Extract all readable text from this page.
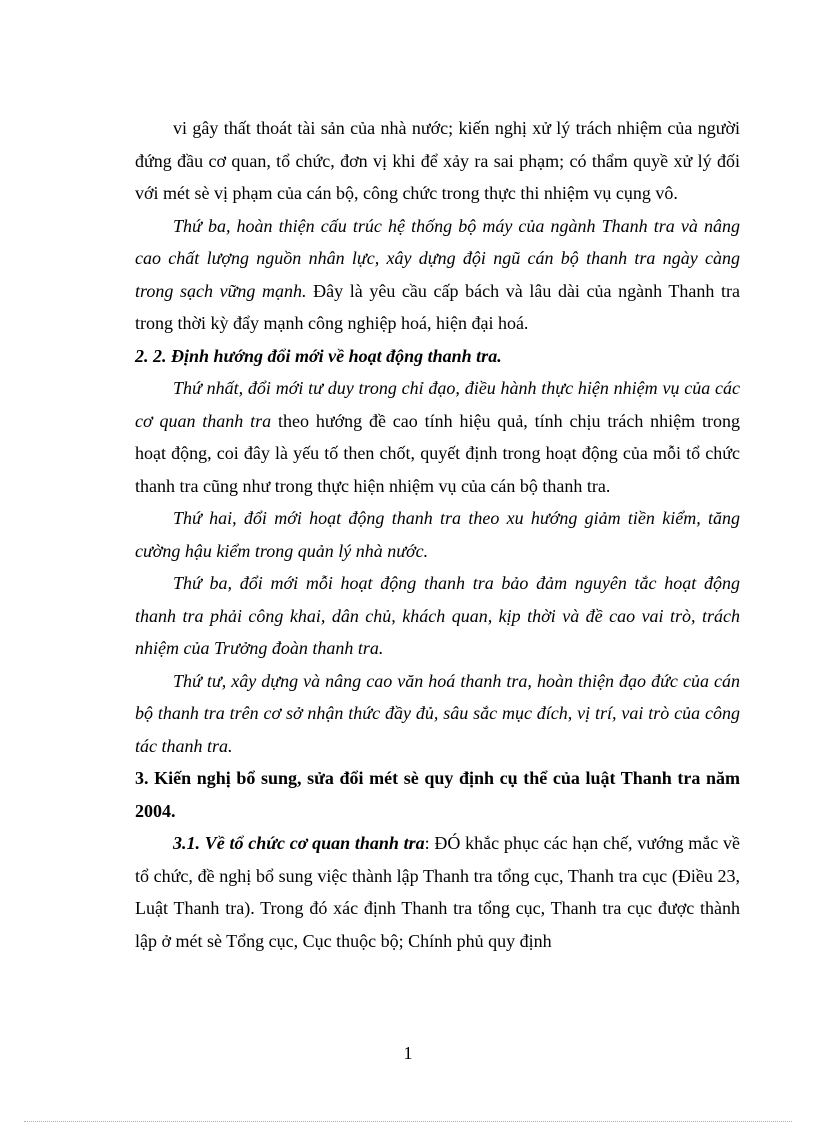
vi gây thất thoát tài sản của nhà nước; kiến nghị xử lý trách nhiệm của người đứng đầu cơ quan, tổ chức, đơn vị khi để xảy ra sai phạm; có thẩm quyề xử lý đối với mét sè vị phạm của cán bộ, công chức trong thực thi nhiệm vụ cụng vô.

Thứ ba, hoàn thiện cấu trúc hệ thống bộ máy của ngành Thanh tra và nâng cao chất lượng nguồn nhân lực, xây dựng đội ngũ cán bộ thanh tra ngày càng trong sạch vững mạnh. Đây là yêu cầu cấp bách và lâu dài của ngành Thanh tra trong thời kỳ đẩy mạnh công nghiệp hoá, hiện đại hoá.

2. 2. Định hướng đổi mới về hoạt động thanh tra.

Thứ nhất, đổi mới tư duy trong chỉ đạo, điều hành thực hiện nhiệm vụ của các cơ quan thanh tra theo hướng đề cao tính hiệu quả, tính chịu trách nhiệm trong hoạt động, coi đây là yếu tố then chốt, quyết định trong hoạt động của mỗi tổ chức thanh tra cũng như trong thực hiện nhiệm vụ của cán bộ thanh tra.

Thứ hai, đổi mới hoạt động thanh tra theo xu hướng giảm tiền kiểm, tăng cường hậu kiểm trong quản lý nhà nước.

Thứ ba, đổi mới mỗi hoạt động thanh tra bảo đảm nguyên tắc hoạt động thanh tra phải công khai, dân chủ, khách quan, kịp thời và đề cao vai trò, trách nhiệm của Trưởng đoàn thanh tra.

Thứ tư, xây dựng và nâng cao văn hoá thanh tra, hoàn thiện đạo đức của cán bộ thanh tra trên cơ sở nhận thức đầy đủ, sâu sắc mục đích, vị trí, vai trò của công tác thanh tra.

3. Kiến nghị bổ sung, sửa đổi mét sè quy định cụ thể của luật Thanh tra năm 2004.

3.1. Về tổ chức cơ quan thanh tra: ĐÓ khắc phục các hạn chế, vướng mắc về tổ chức, đề nghị bổ sung việc thành lập Thanh tra tổng cục, Thanh tra cục (Điều 23, Luật Thanh tra). Trong đó xác định Thanh tra tổng cục, Thanh tra cục được thành lập ở mét sè Tổng cục, Cục thuộc bộ; Chính phủ quy định

1
